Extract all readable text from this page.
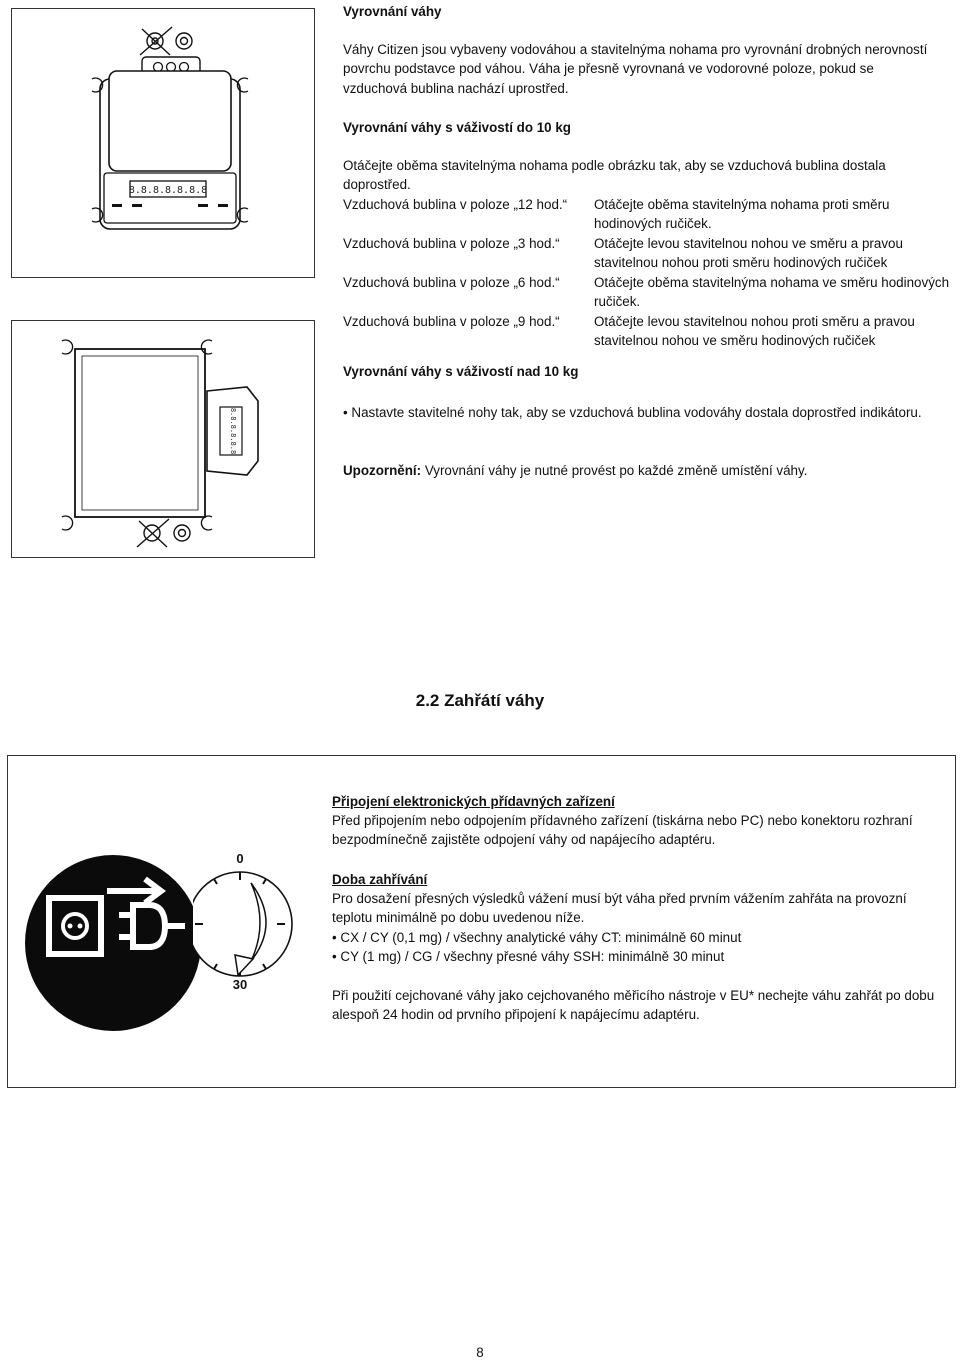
Vyrovnání váhy
Váhy Citizen jsou vybaveny vodováhou a stavitelnýma nohama pro vyrovnání drobných nerovností povrchu podstavce pod váhou. Váha je přesně vyrovnaná ve vodorovné poloze, pokud se vzduchová bublina nachází uprostřed.
Vyrovnání váhy s váživostí do 10 kg
Otáčejte oběma stavitelnýma nohama podle obrázku tak, aby se vzduchová bublina dostala doprostřed.
Vzduchová bublina v poloze „12 hod.“ Otáčejte oběma stavitelnýma nohama proti směru hodinových ručiček.
Vzduchová bublina v poloze „3 hod.“	Otáčejte levou stavitelnou nohou ve směru a pravou stavitelnou nohou proti směru hodinových ručiček
Vzduchová bublina v poloze „6 hod.“	Otáčejte oběma stavitelnýma nohama ve směru hodinových ručiček.
Vzduchová bublina v poloze „9 hod.“	Otáčejte levou stavitelnou nohou proti směru a pravou stavitelnou nohou ve směru hodinových ručiček
Vyrovnání váhy s váživostí nad 10 kg
• Nastavte stavitelné nohy tak, aby se vzduchová bublina vodováhy dostala doprostřed indikátoru.
Upozornění: Vyrovnání váhy je nutné provést po každé změně umístění váhy.
8.8.8.8.8.8.8
8.8.8.8.8.8
2.2 Zahřátí váhy
0
30
Připojení elektronických přídavných zařízení
Před připojením nebo odpojením přídavného zařízení (tiskárna nebo PC) nebo konektoru rozhraní bezpodmínečně zajistěte odpojení váhy od napájecího adaptéru.
Doba zahřívání
Pro dosažení přesných výsledků vážení musí být váha před prvním vážením zahřáta na provozní teplotu minimálně po dobu uvedenou níže.
• CX / CY (0,1 mg) / všechny analytické váhy CT: minimálně 60 minut
• CY (1 mg) / CG / všechny přesné váhy SSH: minimálně 30 minut
Při použití cejchované váhy jako cejchovaného měřicího nástroje v EU* nechejte váhu zahřát po dobu alespoň 24 hodin od prvního připojení k napájecímu adaptéru.
8
